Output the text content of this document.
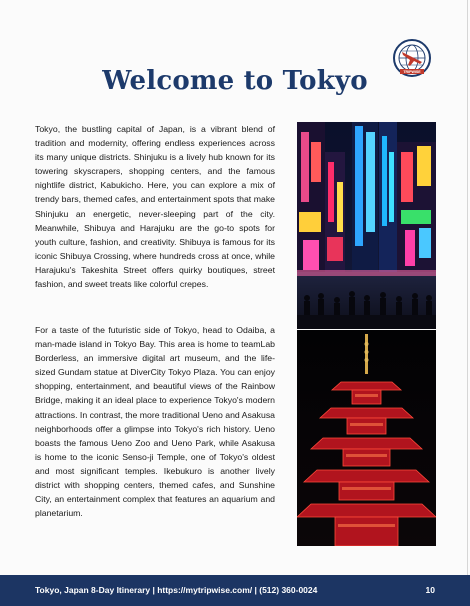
TRIPWISE
Welcome to Tokyo

Tokyo, the bustling capital of Japan, is a vibrant blend of tradition and modernity, offering endless experiences across its many unique districts. Shinjuku is a lively hub known for its towering skyscrapers, shopping centers, and the famous nightlife district, Kabukicho. Here, you can explore a mix of trendy bars, themed cafes, and entertainment spots that make Shinjuku an energetic, never-sleeping part of the city. Meanwhile, Shibuya and Harajuku are the go-to spots for youth culture, fashion, and creativity. Shibuya is famous for its iconic Shibuya Crossing, where hundreds cross at once, while Harajuku's Takeshita Street offers quirky boutiques, street fashion, and sweet treats like colorful crepes.

For a taste of the futuristic side of Tokyo, head to Odaiba, a man-made island in Tokyo Bay. This area is home to teamLab Borderless, an immersive digital art museum, and the life-sized Gundam statue at DiverCity Tokyo Plaza. You can enjoy shopping, entertainment, and beautiful views of the Rainbow Bridge, making it an ideal place to experience Tokyo's modern attractions. In contrast, the more traditional Ueno and Asakusa neighborhoods offer a glimpse into Tokyo's rich history. Ueno boasts the famous Ueno Zoo and Ueno Park, while Asakusa is home to the iconic Senso-ji Temple, one of Tokyo's oldest and most significant temples. Ikebukuro is another lively district with shopping centers, themed cafes, and Sunshine City, an entertainment complex that features an aquarium and planetarium.

Tokyo, Japan 8-Day Itinerary | https://mytripwise.com/ | (512) 360-0024	10
